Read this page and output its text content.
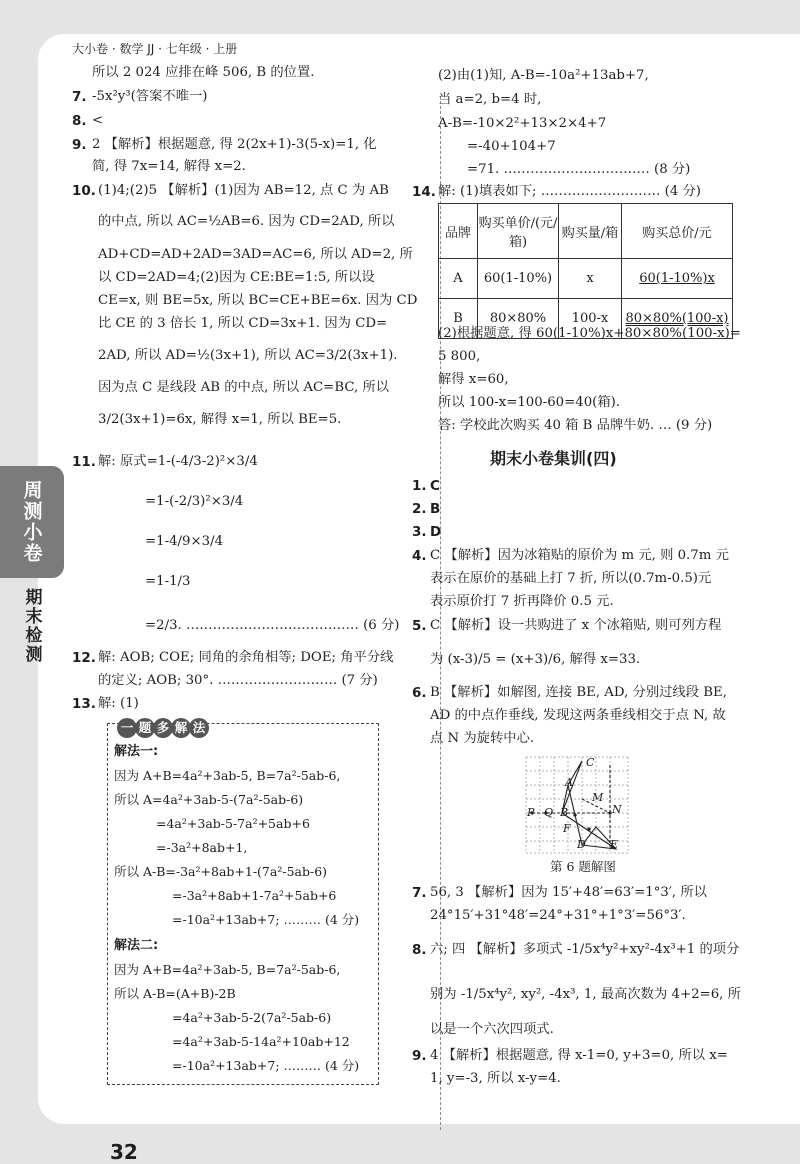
32
大小卷 · 数学 JJ · 七年级 · 上册
周测小卷
期末检测
所以 2 024 应排在峰 506, B 的位置.
7. -5x²y³(答案不唯一)
8. <
9. 2 【解析】根据题意, 得 2(2x+1)-3(5-x)=1, 化
简, 得 7x=14, 解得 x=2.
10. (1)4;(2)5 【解析】(1)因为 AB=12, 点 C 为 AB
的中点, 所以 AC=½AB=6. 因为 CD=2AD, 所以
AD+CD=AD+2AD=3AD=AC=6, 所以 AD=2, 所
以 CD=2AD=4;(2)因为 CE:BE=1:5, 所以设
CE=x, 则 BE=5x, 所以 BC=CE+BE=6x. 因为 CD
比 CE 的 3 倍长 1, 所以 CD=3x+1. 因为 CD=
2AD, 所以 AD=½(3x+1), 所以 AC=3/2(3x+1).
因为点 C 是线段 AB 的中点, 所以 AC=BC, 所以
3/2(3x+1)=6x, 解得 x=1, 所以 BE=5.
11. 解: 原式=1-(-4/3-2)²×3/4
=1-(-2/3)²×3/4
=1-4/9×3/4
=1-1/3
=2/3. ………………………………… (6 分)
12. 解: AOB; COE; 同角的余角相等; DOE; 角平分线
的定义; AOB; 30°. ……………………… (7 分)
13. 解: (1)
一 题 多 解 法
解法一:
因为 A+B=4a²+3ab-5, B=7a²-5ab-6,
所以 A=4a²+3ab-5-(7a²-5ab-6)
=4a²+3ab-5-7a²+5ab+6
=-3a²+8ab+1,
所以 A-B=-3a²+8ab+1-(7a²-5ab-6)
=-3a²+8ab+1-7a²+5ab+6
=-10a²+13ab+7; ……… (4 分)
解法二:
因为 A+B=4a²+3ab-5, B=7a²-5ab-6,
所以 A-B=(A+B)-2B
=4a²+3ab-5-2(7a²-5ab-6)
=4a²+3ab-5-14a²+10ab+12
=-10a²+13ab+7; ……… (4 分)
(2)由(1)知, A-B=-10a²+13ab+7,
当 a=2, b=4 时,
A-B=-10×2²+13×2×4+7
=-40+104+7
=71. …………………………… (8 分)
14. 解: (1)填表如下; ……………………… (4 分)
品牌	购买单价/(元/箱)	购买量/箱	购买总价/元
A	60(1-10%)	x	60(1-10%)x
B	80×80%	100-x	80×80%(100-x)
(2)根据题意, 得 60(1-10%)x+80×80%(100-x)=
5 800,
解得 x=60,
所以 100-x=100-60=40(箱).
答: 学校此次购买 40 箱 B 品牌牛奶. … (9 分)
期末小卷集训(四)
1. C
2. B
3. D
4. C 【解析】因为冰箱贴的原价为 m 元, 则 0.7m 元
表示在原价的基础上打 7 折, 所以(0.7m-0.5)元
表示原价打 7 折再降价 0.5 元.
5. C 【解析】设一共购进了 x 个冰箱贴, 则可列方程
为 (x-3)/5 = (x+3)/6, 解得 x=33.
6. B 【解析】如解图, 连接 BE, AD, 分别过线段 BE,
AD 的中点作垂线, 发现这两条垂线相交于点 N, 故
点 N 为旋转中心.
C
A
M
P Q B	N
F
D E
第 6 题解图
7. 56, 3 【解析】因为 15′+48′=63′=1°3′, 所以
24°15′+31°48′=24°+31°+1°3′=56°3′.
8. 六; 四 【解析】多项式 -1/5x⁴y²+xy²-4x³+1 的项分
别为 -1/5x⁴y², xy², -4x³, 1, 最高次数为 4+2=6, 所
以是一个六次四项式.
9. 4 【解析】根据题意, 得 x-1=0, y+3=0, 所以 x=
1, y=-3, 所以 x-y=4.
